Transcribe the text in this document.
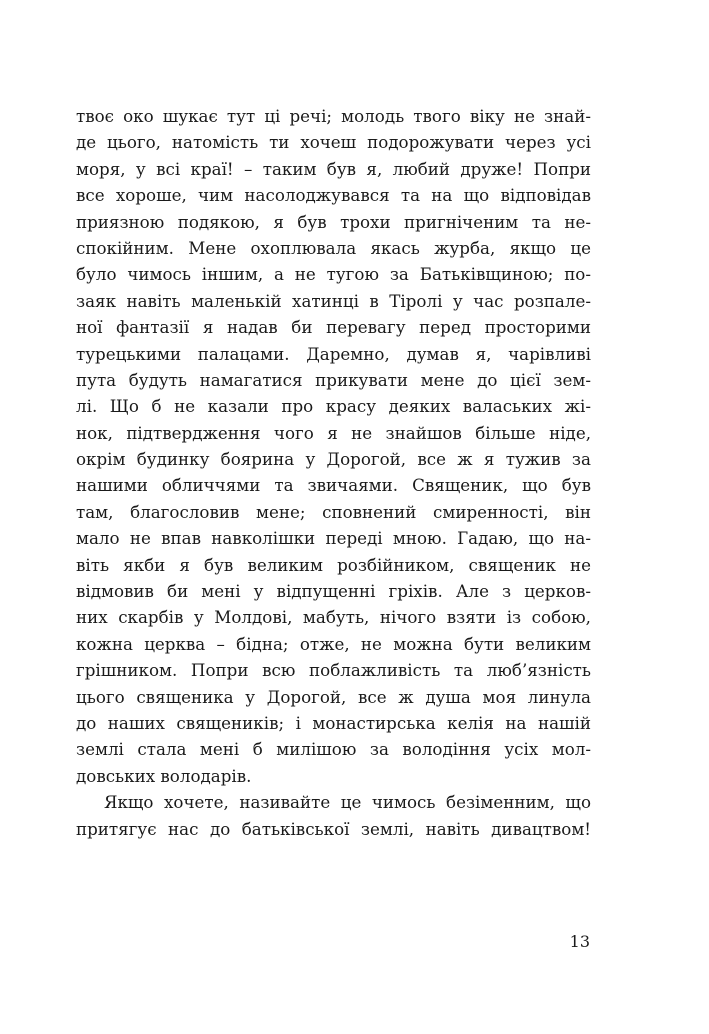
твоє око шукає тут ці речі; молодь твого віку не знай-
де цього, натомість ти хочеш подорожувати через усі
моря, у всі краї! – таким був я, любий друже! Попри
все хороше, чим насолоджувався та на що відповідав
приязною подякою, я був трохи пригніченим та не-
спокійним. Мене охоплювала якась журба, якщо це
було чимось іншим, а не тугою за Батьківщиною; по-
заяк навіть маленькій хатинці в Тіролі у час розпале-
ної фантазії я надав би перевагу перед просторими
турецькими палацами. Даремно, думав я, чарівливі
пута будуть намагатися прикувати мене до цієї зем-
лі. Що б не казали про красу деяких валаських жі-
нок, підтвердження чого я не знайшов більше ніде,
окрім будинку боярина у Дорогой, все ж я тужив за
нашими обличчями та звичаями. Священик, що був
там, благословив мене; сповнений смиренності, він
мало не впав навколішки переді мною. Гадаю, що на-
віть якби я був великим розбійником, священик не
відмовив би мені у відпущенні гріхів. Але з церков-
них скарбів у Молдові, мабуть, нічого взяти із собою,
кожна церква – бідна; отже, не можна бути великим
грішником. Попри всю поблажливість та люб’язність
цього священика у Дорогой, все ж душа моя линула
до наших священиків; і монастирська келія на нашій
землі стала мені б милішою за володіння усіх мол-
довських володарів.
Якщо хочете, називайте це чимось безіменним, що
притягує нас до батьківської землі, навіть дивацтвом!
13
